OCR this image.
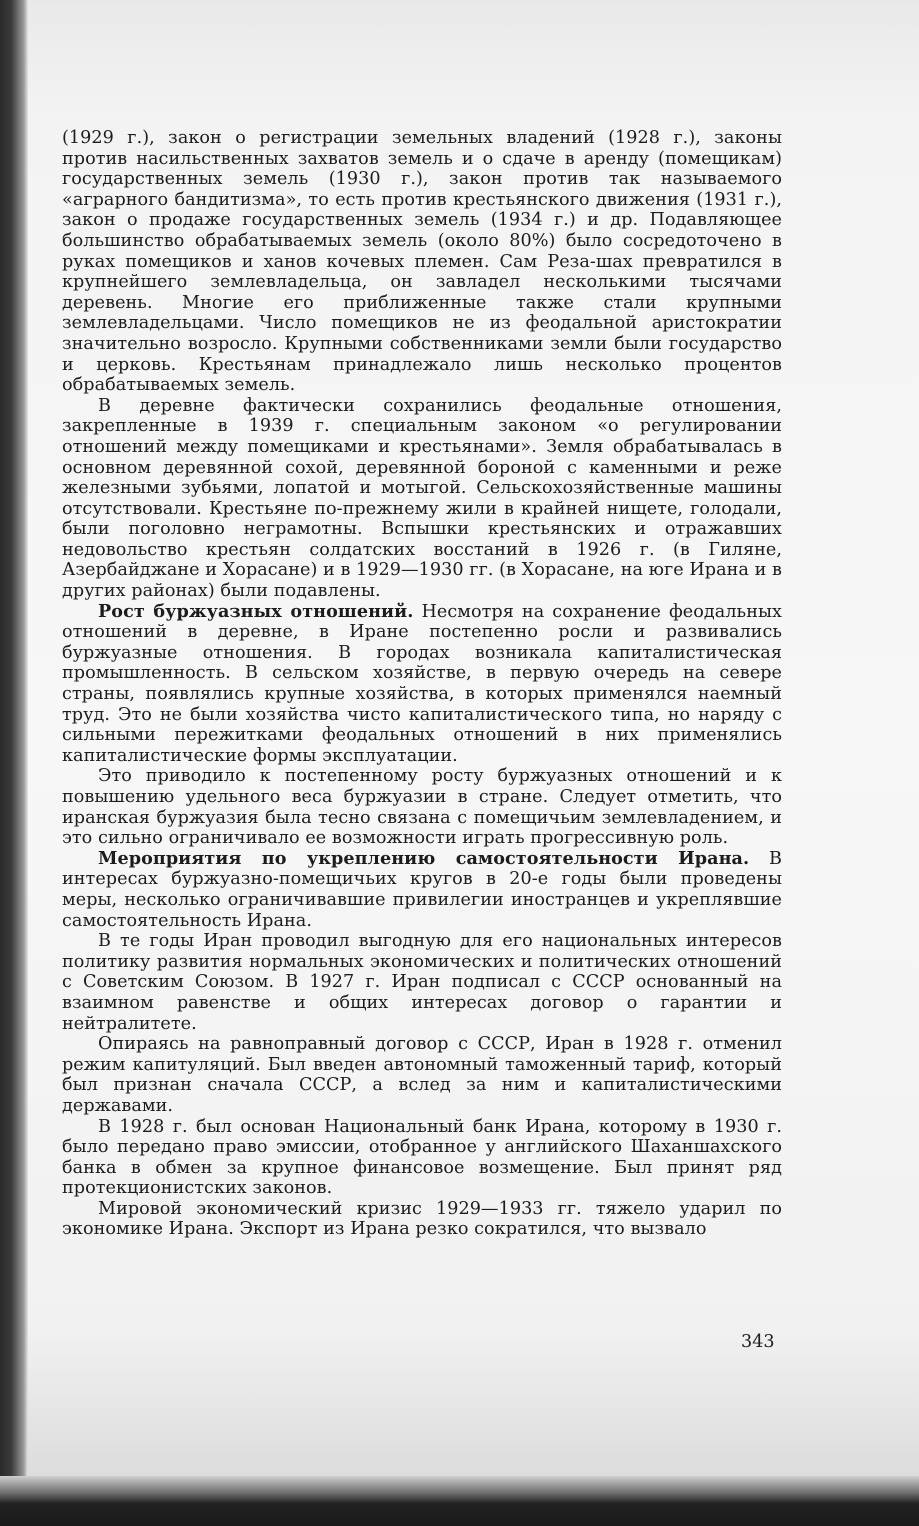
(1929 г.), закон о регистрации земельных владений (1928 г.), законы против насильственных захватов земель и о сдаче в аренду (помещикам) государственных земель (1930 г.), закон против так называемого «аграрного бандитизма», то есть против крестьянского движения (1931 г.), закон о продаже государственных земель (1934 г.) и др. Подавляющее большинство обрабатываемых земель (около 80%) было сосредоточено в руках помещиков и ханов кочевых племен. Сам Реза-шах превратился в крупнейшего землевладельца, он завладел несколькими тысячами деревень. Многие его приближенные также стали крупными землевладельцами. Число помещиков не из феодальной аристократии значительно возросло. Крупными собственниками земли были государство и церковь. Крестьянам принадлежало лишь несколько процентов обрабатываемых земель.

В деревне фактически сохранились феодальные отношения, закрепленные в 1939 г. специальным законом «о регулировании отношений между помещиками и крестьянами». Земля обрабатывалась в основном деревянной сохой, деревянной бороной с каменными и реже железными зубьями, лопатой и мотыгой. Сельскохозяйственные машины отсутствовали. Крестьяне по-прежнему жили в крайней нищете, голодали, были поголовно неграмотны. Вспышки крестьянских и отражавших недовольство крестьян солдатских восстаний в 1926 г. (в Гиляне, Азербайджане и Хорасане) и в 1929—1930 гг. (в Хорасане, на юге Ирана и в других районах) были подавлены.

Рост буржуазных отношений. Несмотря на сохранение феодальных отношений в деревне, в Иране постепенно росли и развивались буржуазные отношения. В городах возникала капиталистическая промышленность. В сельском хозяйстве, в первую очередь на севере страны, появлялись крупные хозяйства, в которых применялся наемный труд. Это не были хозяйства чисто капиталистического типа, но наряду с сильными пережитками феодальных отношений в них применялись капиталистические формы эксплуатации.

Это приводило к постепенному росту буржуазных отношений и к повышению удельного веса буржуазии в стране. Следует отметить, что иранская буржуазия была тесно связана с помещичьим землевладением, и это сильно ограничивало ее возможности играть прогрессивную роль.

Мероприятия по укреплению самостоятельности Ирана. В интересах буржуазно-помещичьих кругов в 20-е годы были проведены меры, несколько ограничивавшие привилегии иностранцев и укреплявшие самостоятельность Ирана.

В те годы Иран проводил выгодную для его национальных интересов политику развития нормальных экономических и политических отношений с Советским Союзом. В 1927 г. Иран подписал с СССР основанный на взаимном равенстве и общих интересах договор о гарантии и нейтралитете.

Опираясь на равноправный договор с СССР, Иран в 1928 г. отменил режим капитуляций. Был введен автономный таможенный тариф, который был признан сначала СССР, а вслед за ним и капиталистическими державами.

В 1928 г. был основан Национальный банк Ирана, которому в 1930 г. было передано право эмиссии, отобранное у английского Шаханшахского банка в обмен за крупное финансовое возмещение. Был принят ряд протекционистских законов.

Мировой экономический кризис 1929—1933 гг. тяжело ударил по экономике Ирана. Экспорт из Ирана резко сократился, что вызвало

343
